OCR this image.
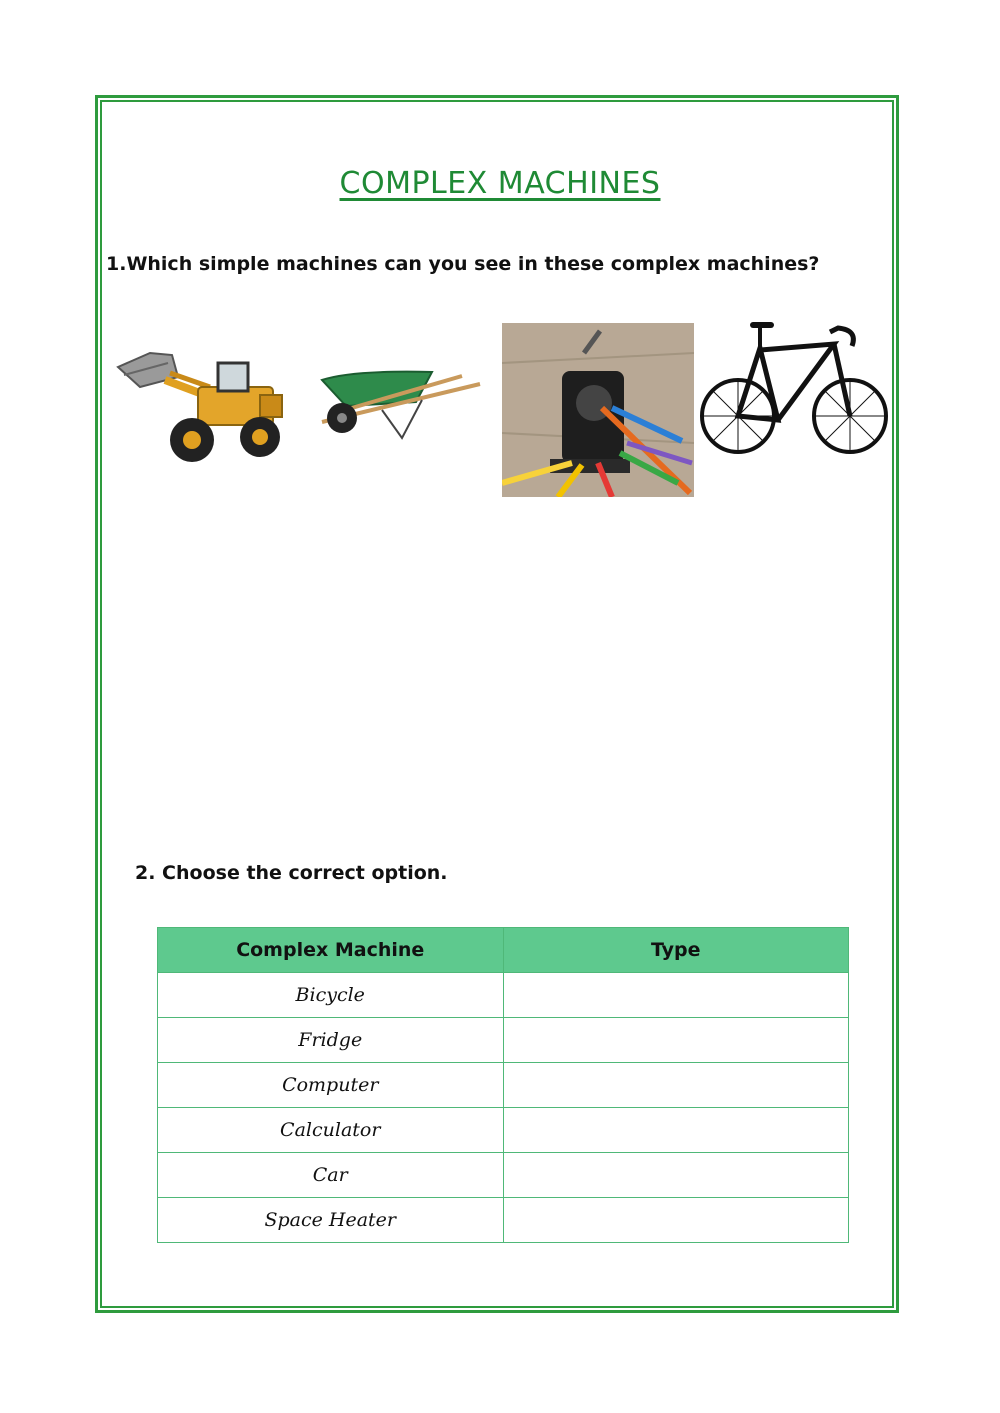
COMPLEX MACHINES
1.Which simple machines can you see in these complex machines?
2. Choose the correct option.
Complex Machine	Type
Bicycle	
Fridge	
Computer	
Calculator	
Car	
Space Heater	
